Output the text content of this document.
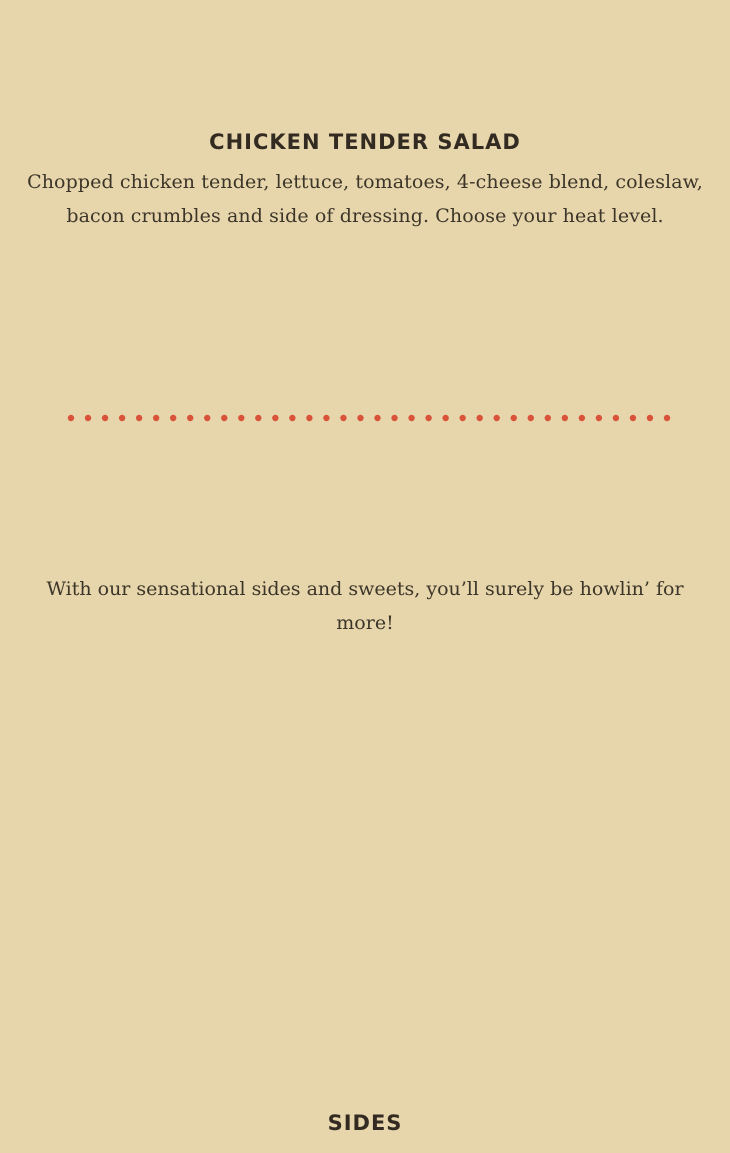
CHICKEN TENDER SALAD
Chopped chicken tender, lettuce, tomatoes, 4-cheese blend, coleslaw, bacon crumbles and side of dressing. Choose your heat level.
With our sensational sides and sweets, you’ll surely be howlin’ for more!
SIDES
